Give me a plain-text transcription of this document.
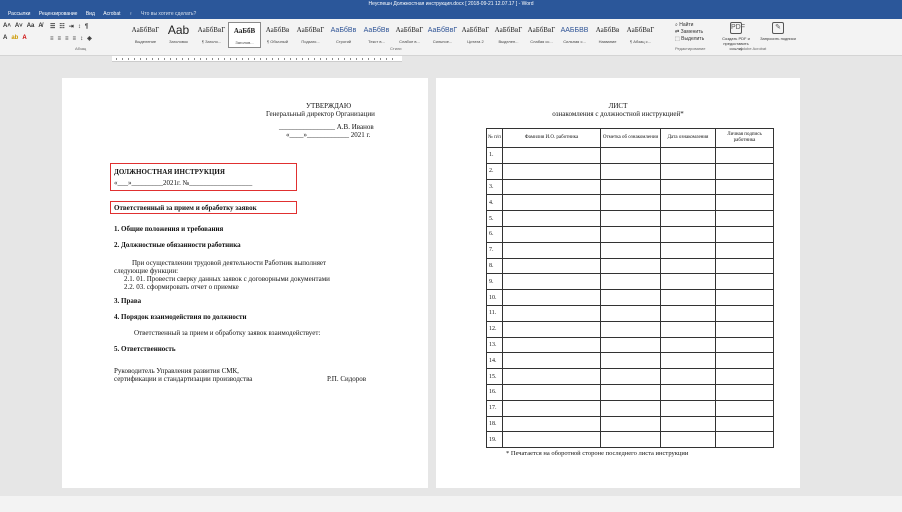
Неуспешн Должностная инструкция.docx [ 2018-09-21 12.07.17 ] - Word
Рассылки Рецензирование Вид Acrobat ♀ Что вы хотите сделать?
A˄ A˅ Aa A̸
A ab A
☰ ☷ ⇥ ↕ ¶
≡ ≡ ≡ ≡ ↕ ◈
АаБбВвГ
Выделение
Aab
Заголовок
АаБбВвГ
¶ Заголо...
АаБбВ
Заголов...
АаБбВв
¶ Обычный
АаБбВвГ
Подзаго...
АаБбВв
Строгий
АаБбВв
Текст в...
АаБбВвГ
Слабое в...
АаБбВвГ
Сильное...
АаБбВвГ
Цитата 2
АаБбВвГ
Выделен...
АаБбВвГ
Слабая сс...
ААББВВ
Сильная с...
АаБбВв
Название
АаБбВвГ
¶ Абзац с...
⌕ Найти
⇄ Заменить
⬚ Выделить
PDF
Создать PDF и предоставить ссылку
✎
Запросить подписи
Абзац	Стили	Редактирование	Adobe Acrobat
УТВЕРЖДАЮ
Генеральный директор Организации
________________ А.В. Иванов
«____»____________ 2021 г.
ДОЛЖНОСТНАЯ ИНСТРУКЦИЯ
«___»_________2021г. №__________________
Ответственный за прием и обработку заявок
1. Общие положения и требования
2. Должностные обязанности работника
При осуществлении трудовой деятельности Работник выполняет
следующие функции:
2.1. 01. Провести сверку данных заявок с договорными документами
2.2. 03. сформировать отчет о приемке
3. Права
4. Порядок взаимодействия по должности
Ответственный за прием и обработку заявок взаимодействует:
5. Ответственность
Руководитель Управления развития СМК,
сертификации и стандартизации производства	Р.П. Сидоров
ЛИСТ
ознакомления с должностной инструкцией*
№ п/п	Фамилия И.О. работника	Отметка об ознакомлении	Дата ознакомления	Личная подпись работника
1.				
2.				
3.				
4.				
5.				
6.				
7.				
8.				
9.				
10.				
11.				
12.				
13.				
14.				
15.				
16.				
17.				
18.				
19.				
* Печатается на оборотной стороне последнего листа инструкции
